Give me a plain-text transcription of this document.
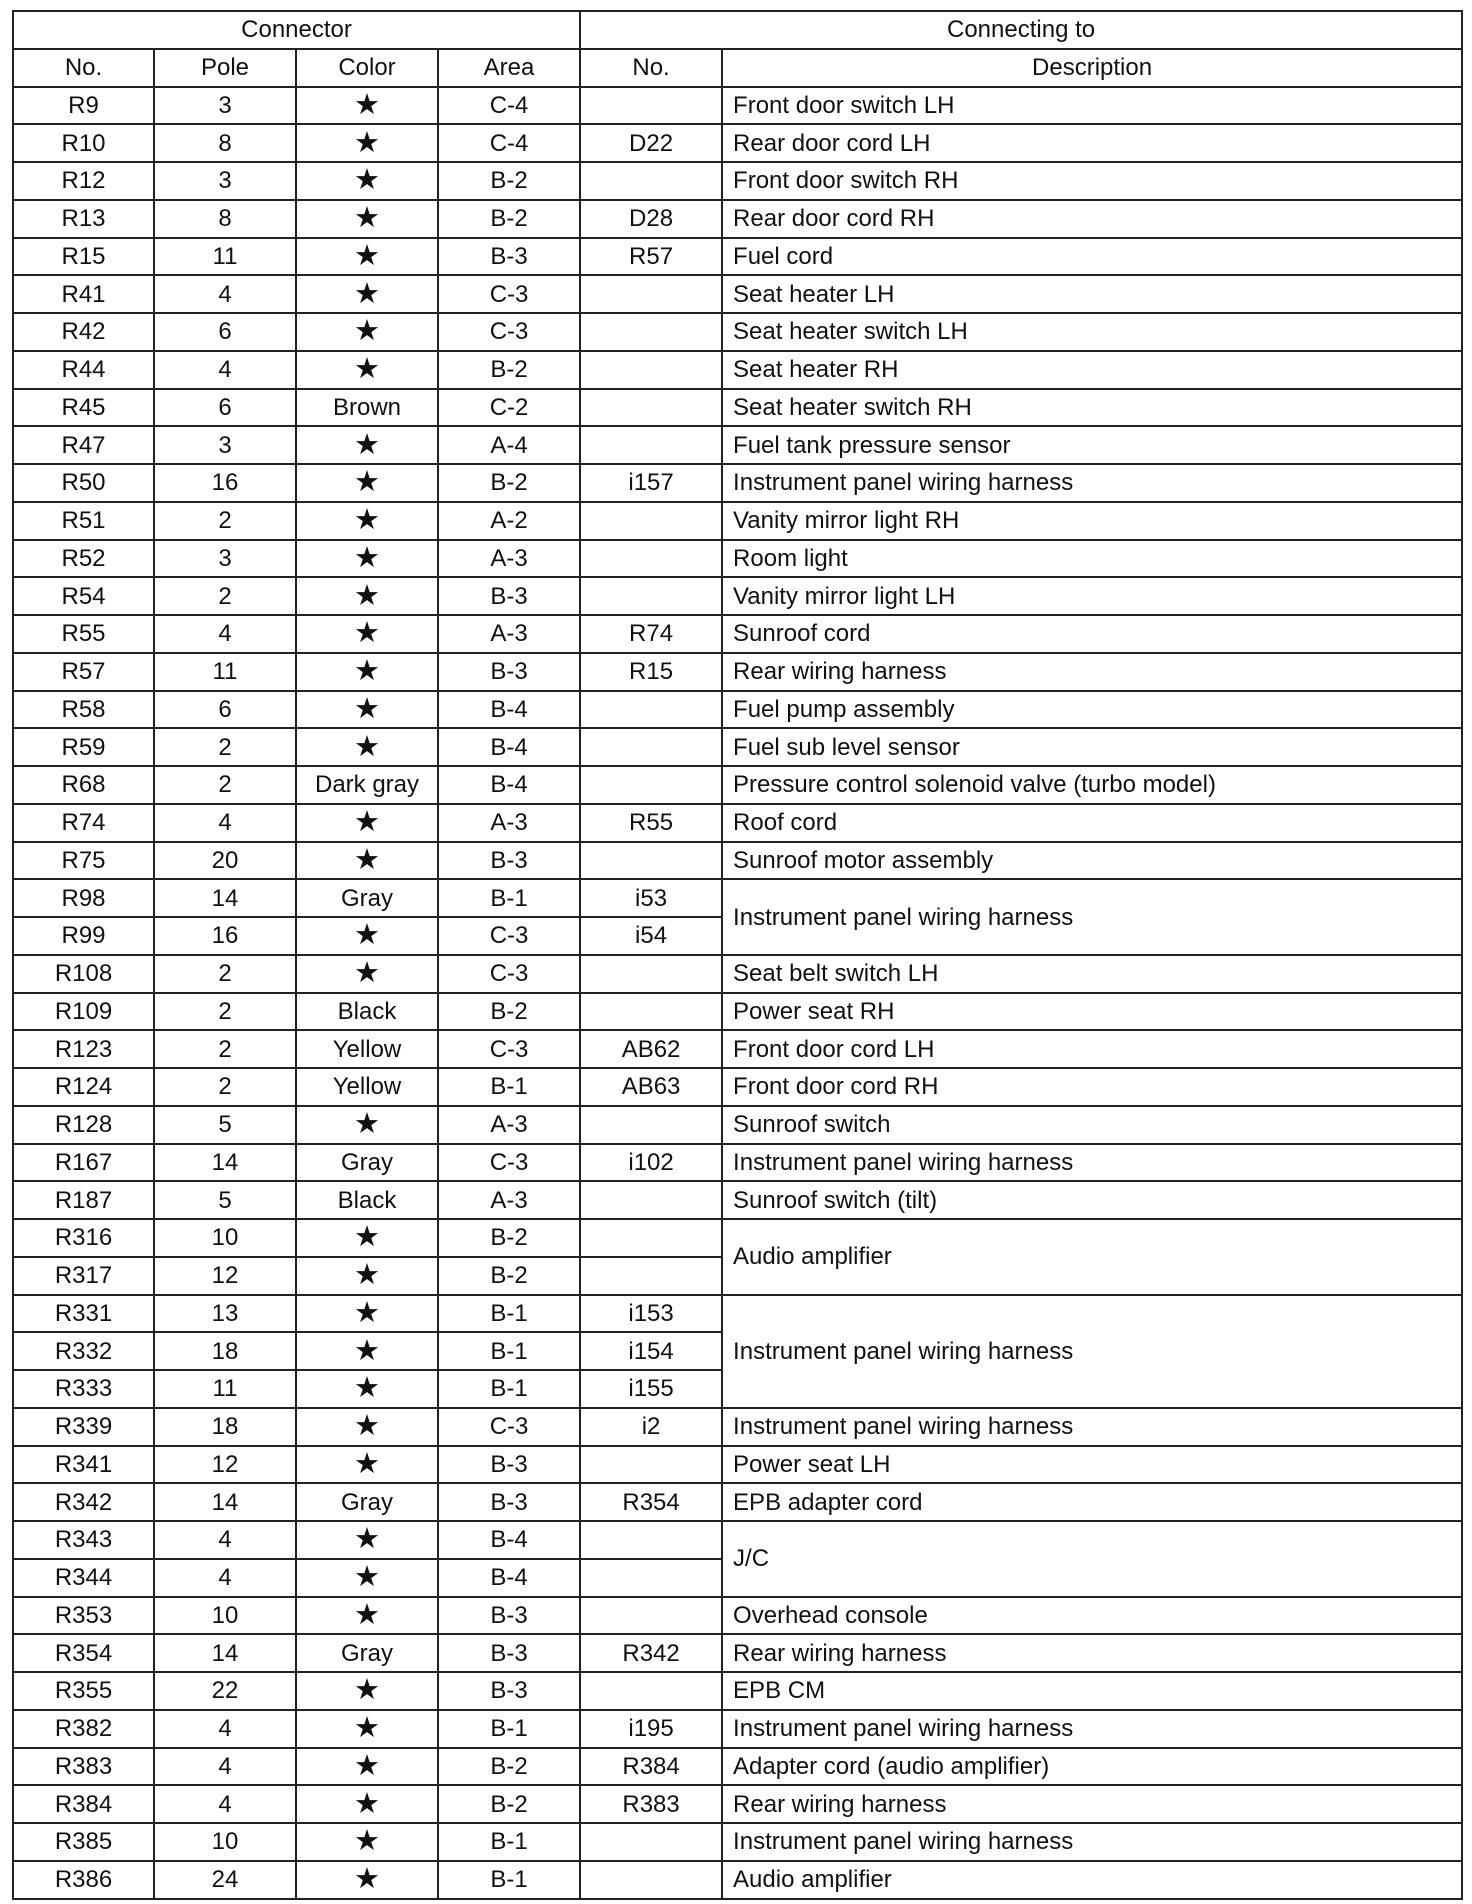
Connector				Connecting to	
No.	Pole	Color	Area	No.	Description
R9	3	★	C-4		Front door switch LH
R10	8	★	C-4	D22	Rear door cord LH
R12	3	★	B-2		Front door switch RH
R13	8	★	B-2	D28	Rear door cord RH
R15	11	★	B-3	R57	Fuel cord
R41	4	★	C-3		Seat heater LH
R42	6	★	C-3		Seat heater switch LH
R44	4	★	B-2		Seat heater RH
R45	6	Brown	C-2		Seat heater switch RH
R47	3	★	A-4		Fuel tank pressure sensor
R50	16	★	B-2	i157	Instrument panel wiring harness
R51	2	★	A-2		Vanity mirror light RH
R52	3	★	A-3		Room light
R54	2	★	B-3		Vanity mirror light LH
R55	4	★	A-3	R74	Sunroof cord
R57	11	★	B-3	R15	Rear wiring harness
R58	6	★	B-4		Fuel pump assembly
R59	2	★	B-4		Fuel sub level sensor
R68	2	Dark gray	B-4		Pressure control solenoid valve (turbo model)
R74	4	★	A-3	R55	Roof cord
R75	20	★	B-3		Sunroof motor assembly
R98	14	Gray	B-1	i53	Instrument panel wiring harness
R99	16	★	C-3	i54	
R108	2	★	C-3		Seat belt switch LH
R109	2	Black	B-2		Power seat RH
R123	2	Yellow	C-3	AB62	Front door cord LH
R124	2	Yellow	B-1	AB63	Front door cord RH
R128	5	★	A-3		Sunroof switch
R167	14	Gray	C-3	i102	Instrument panel wiring harness
R187	5	Black	A-3		Sunroof switch (tilt)
R316	10	★	B-2		Audio amplifier
R317	12	★	B-2		
R331	13	★	B-1	i153	Instrument panel wiring harness
R332	18	★	B-1	i154	
R333	11	★	B-1	i155	
R339	18	★	C-3	i2	Instrument panel wiring harness
R341	12	★	B-3		Power seat LH
R342	14	Gray	B-3	R354	EPB adapter cord
R343	4	★	B-4		J/C
R344	4	★	B-4		
R353	10	★	B-3		Overhead console
R354	14	Gray	B-3	R342	Rear wiring harness
R355	22	★	B-3		EPB CM
R382	4	★	B-1	i195	Instrument panel wiring harness
R383	4	★	B-2	R384	Adapter cord (audio amplifier)
R384	4	★	B-2	R383	Rear wiring harness
R385	10	★	B-1		Instrument panel wiring harness
R386	24	★	B-1		Audio amplifier
